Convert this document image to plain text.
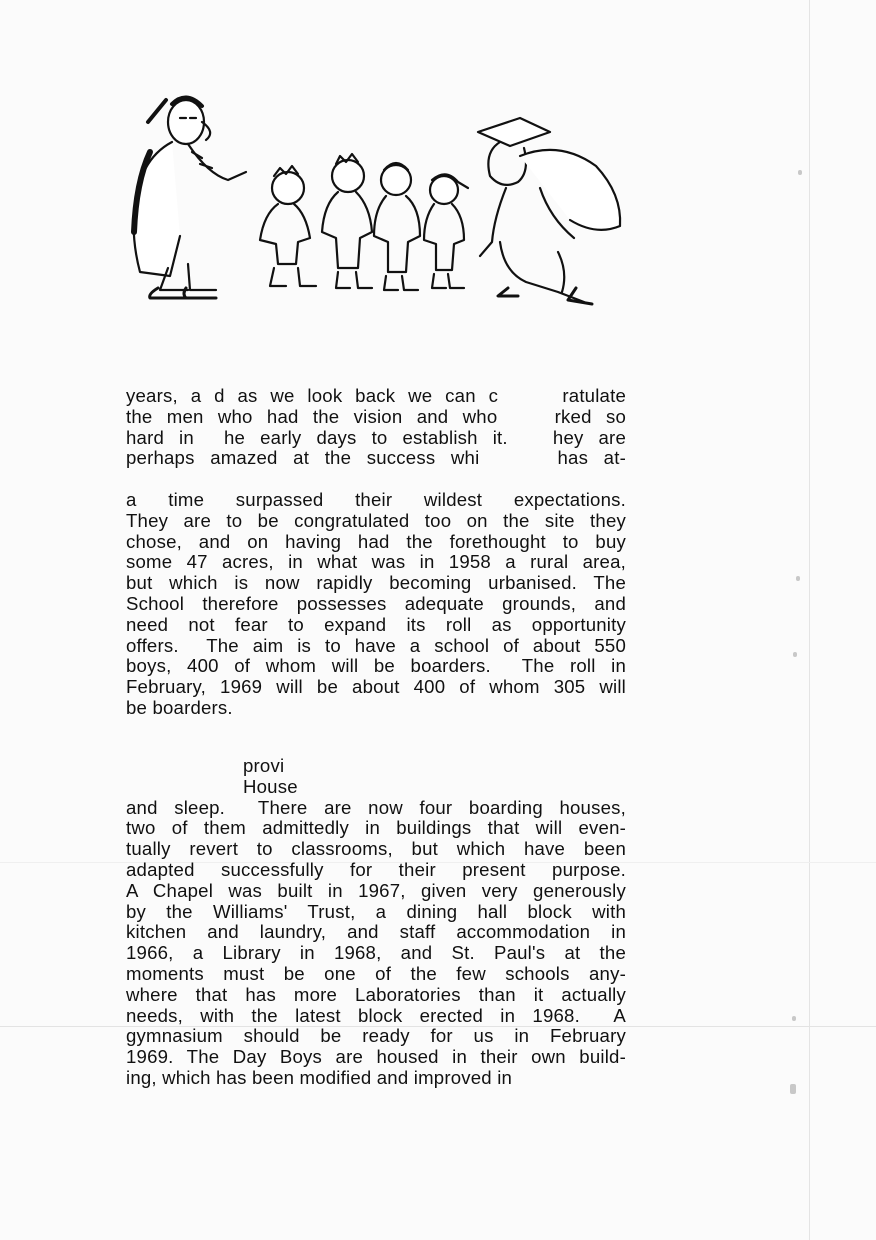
years, a d as we look back we can c     ratulate
the men who had the vision and who    rked so
hard in  he early days to establish it.   hey are
perhaps amazed at the success whi     has at-
a time surpassed their wildest expectations.
They are to be congratulated too on the site they
chose, and on having had the forethought to buy
some 47 acres, in what was in 1958 a rural area,
but which is now rapidly becoming urbanised. The
School therefore possesses adequate grounds, and
need not fear to expand its roll as opportunity
offers.  The aim is to have a school of about 550
boys, 400 of whom will be boarders.  The roll in
February, 1969 will be about 400 of whom 305 will
be boarders.
provi
House
and sleep.  There are now four boarding houses,
two of them admittedly in buildings that will even-
tually revert to classrooms, but which have been
adapted successfully for their present purpose.
A Chapel was built in 1967, given very generously
by the Williams' Trust, a dining hall block with
kitchen and laundry, and staff accommodation in
1966, a Library in 1968, and St. Paul's at the
moments must be one of the few schools any-
where that has more Laboratories than it actually
needs, with the latest block erected in 1968.  A
gymnasium should be ready for us in February
1969. The Day Boys are housed in their own build-
ing, which has been modified and improved in
